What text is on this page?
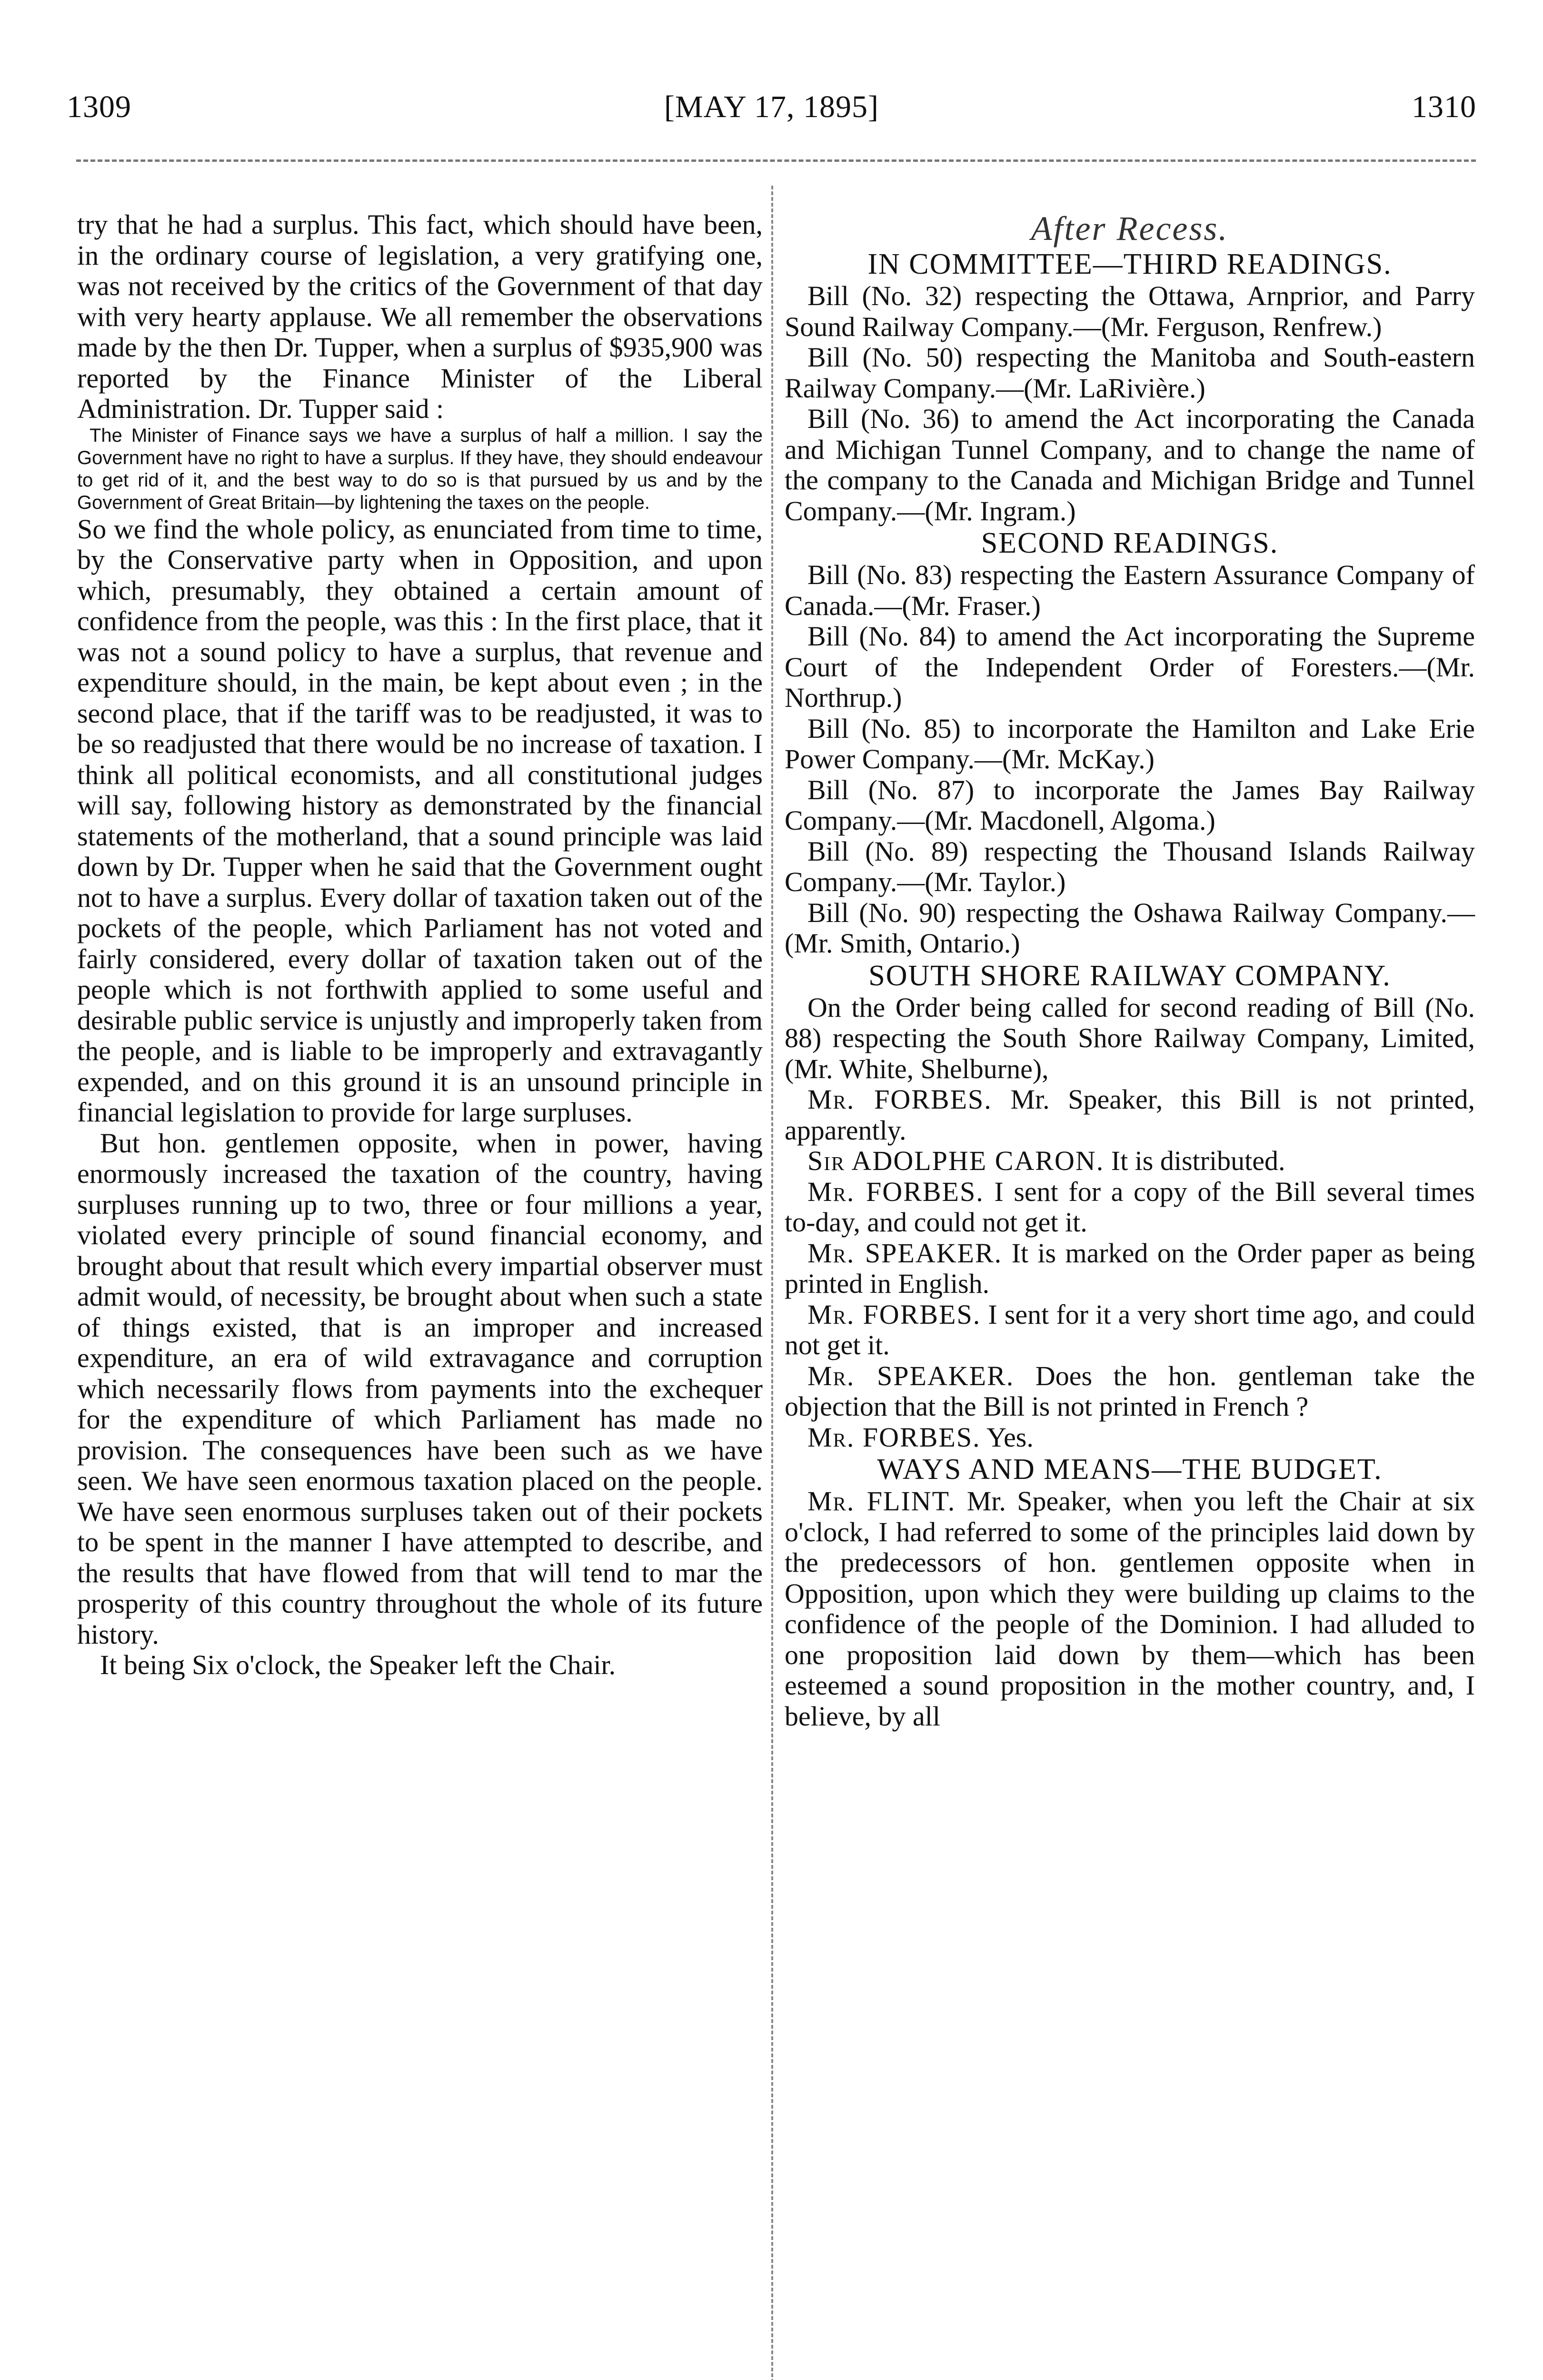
1309	[MAY 17, 1895]	1310

try that he had a surplus. This fact, which should have been, in the ordinary course of legislation, a very gratifying one, was not received by the critics of the Government of that day with very hearty applause. We all remember the observations made by the then Dr. Tupper, when a surplus of $935,900 was reported by the Finance Minister of the Liberal Administration. Dr. Tupper said :

The Minister of Finance says we have a surplus of half a million. I say the Government have no right to have a surplus. If they have, they should endeavour to get rid of it, and the best way to do so is that pursued by us and by the Government of Great Britain—by lightening the taxes on the people.

So we find the whole policy, as enunciated from time to time, by the Conservative party when in Opposition, and upon which, presumably, they obtained a certain amount of confidence from the people, was this : In the first place, that it was not a sound policy to have a surplus, that revenue and expenditure should, in the main, be kept about even ; in the second place, that if the tariff was to be readjusted, it was to be so readjusted that there would be no increase of taxation. I think all political economists, and all constitutional judges will say, following history as demonstrated by the financial statements of the motherland, that a sound principle was laid down by Dr. Tupper when he said that the Government ought not to have a surplus. Every dollar of taxation taken out of the pockets of the people, which Parliament has not voted and fairly considered, every dollar of taxation taken out of the people which is not forthwith applied to some useful and desirable public service is unjustly and improperly taken from the people, and is liable to be improperly and extravagantly expended, and on this ground it is an unsound principle in financial legislation to provide for large surpluses.

But hon. gentlemen opposite, when in power, having enormously increased the taxation of the country, having surpluses running up to two, three or four millions a year, violated every principle of sound financial economy, and brought about that result which every impartial observer must admit would, of necessity, be brought about when such a state of things existed, that is an improper and increased expenditure, an era of wild extravagance and corruption which necessarily flows from payments into the exchequer for the expenditure of which Parliament has made no provision. The consequences have been such as we have seen. We have seen enormous taxation placed on the people. We have seen enormous surpluses taken out of their pockets to be spent in the manner I have attempted to describe, and the results that have flowed from that will tend to mar the prosperity of this country throughout the whole of its future history.

It being Six o'clock, the Speaker left the Chair.

After Recess.

IN COMMITTEE—THIRD READINGS.

Bill (No. 32) respecting the Ottawa, Arnprior, and Parry Sound Railway Company.—(Mr. Ferguson, Renfrew.)

Bill (No. 50) respecting the Manitoba and South-eastern Railway Company.—(Mr. LaRivière.)

Bill (No. 36) to amend the Act incorporating the Canada and Michigan Tunnel Company, and to change the name of the company to the Canada and Michigan Bridge and Tunnel Company.—(Mr. Ingram.)

SECOND READINGS.

Bill (No. 83) respecting the Eastern Assurance Company of Canada.—(Mr. Fraser.)

Bill (No. 84) to amend the Act incorporating the Supreme Court of the Independent Order of Foresters.—(Mr. Northrup.)

Bill (No. 85) to incorporate the Hamilton and Lake Erie Power Company.—(Mr. McKay.)

Bill (No. 87) to incorporate the James Bay Railway Company.—(Mr. Macdonell, Algoma.)

Bill (No. 89) respecting the Thousand Islands Railway Company.—(Mr. Taylor.)

Bill (No. 90) respecting the Oshawa Railway Company.—(Mr. Smith, Ontario.)

SOUTH SHORE RAILWAY COMPANY.

On the Order being called for second reading of Bill (No. 88) respecting the South Shore Railway Company, Limited, (Mr. White, Shelburne),

Mr. FORBES. Mr. Speaker, this Bill is not printed, apparently.

Sir ADOLPHE CARON. It is distributed.

Mr. FORBES. I sent for a copy of the Bill several times to-day, and could not get it.

Mr. SPEAKER. It is marked on the Order paper as being printed in English.

Mr. FORBES. I sent for it a very short time ago, and could not get it.

Mr. SPEAKER. Does the hon. gentleman take the objection that the Bill is not printed in French ?

Mr. FORBES. Yes.

WAYS AND MEANS—THE BUDGET.

Mr. FLINT. Mr. Speaker, when you left the Chair at six o'clock, I had referred to some of the principles laid down by the predecessors of hon. gentlemen opposite when in Opposition, upon which they were building up claims to the confidence of the people of the Dominion. I had alluded to one proposition laid down by them—which has been esteemed a sound proposition in the mother country, and, I believe, by all
